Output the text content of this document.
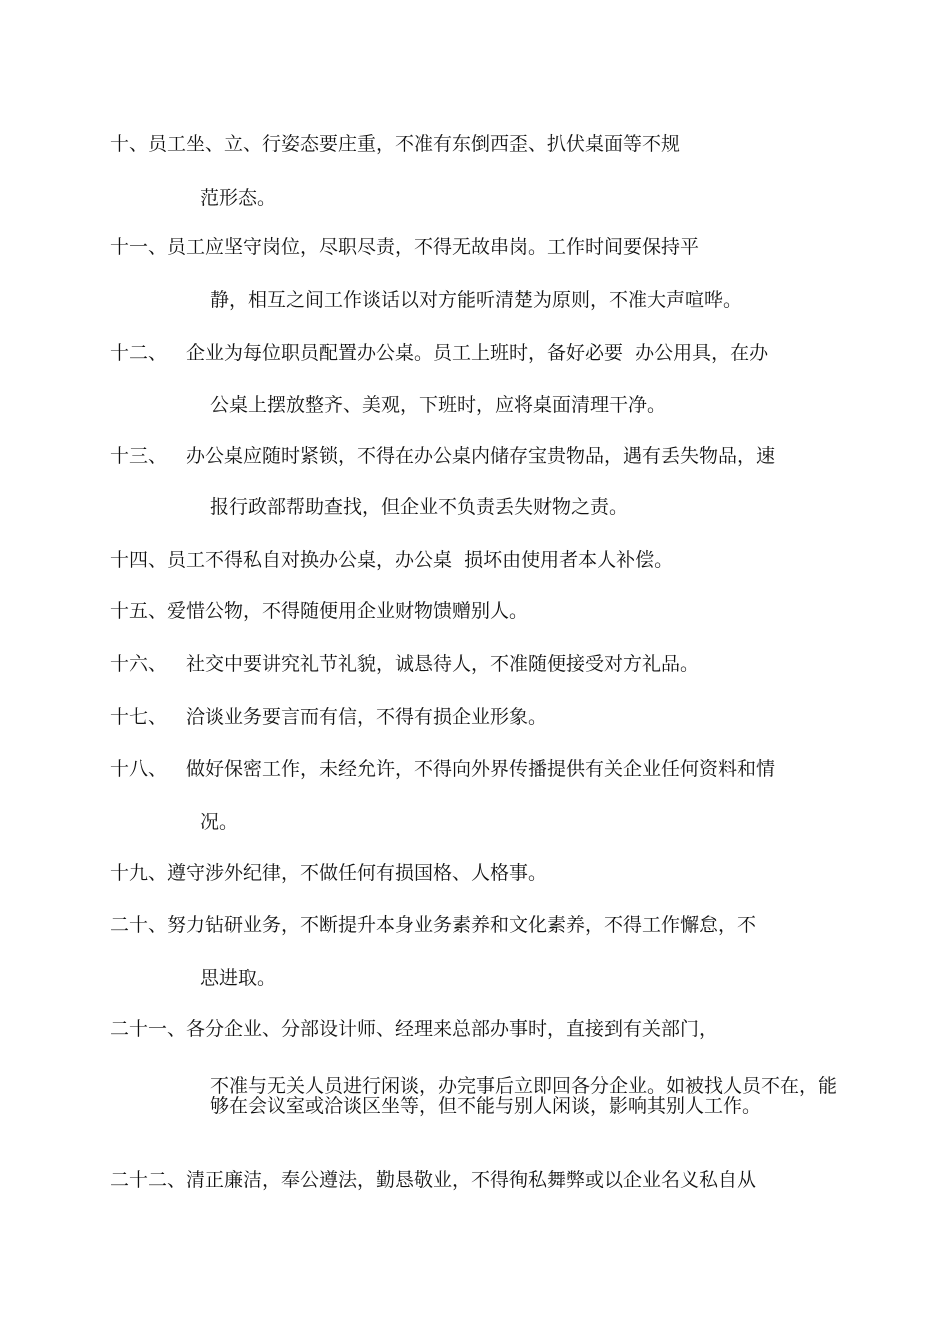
十、员工坐、立、行姿态要庄重，不准有东倒西歪、扒伏桌面等不规
范形态。
十一、员工应坚守岗位，尽职尽责，不得无故串岗。工作时间要保持平
静，相互之间工作谈话以对方能听清楚为原则，不准大声喧哗。
十二、 企业为每位职员配置办公桌。员工上班时，备好必要  办公用具，在办
公桌上摆放整齐、美观，下班时，应将桌面清理干净。
十三、 办公桌应随时紧锁，不得在办公桌内储存宝贵物品，遇有丢失物品，速
报行政部帮助查找，但企业不负责丢失财物之责。
十四、员工不得私自对换办公桌，办公桌  损坏由使用者本人补偿。
十五、爱惜公物，不得随便用企业财物馈赠别人。
十六、 社交中要讲究礼节礼貌，诚恳待人，不准随便接受对方礼品。
十七、 洽谈业务要言而有信，不得有损企业形象。
十八、 做好保密工作，未经允许，不得向外界传播提供有关企业任何资料和情
况。
十九、遵守涉外纪律，不做任何有损国格、人格事。
二十、努力钻研业务，不断提升本身业务素养和文化素养，不得工作懈怠，不
思进取。
二十一、各分企业、分部设计师、经理来总部办事时，直接到有关部门，
不准与无关人员进行闲谈，办完事后立即回各分企业。如被找人员不在，能够在会议室或洽谈区坐等，但不能与别人闲谈，影响其别人工作。
二十二、清正廉洁，奉公遵法，勤恳敬业，不得徇私舞弊或以企业名义私自从
